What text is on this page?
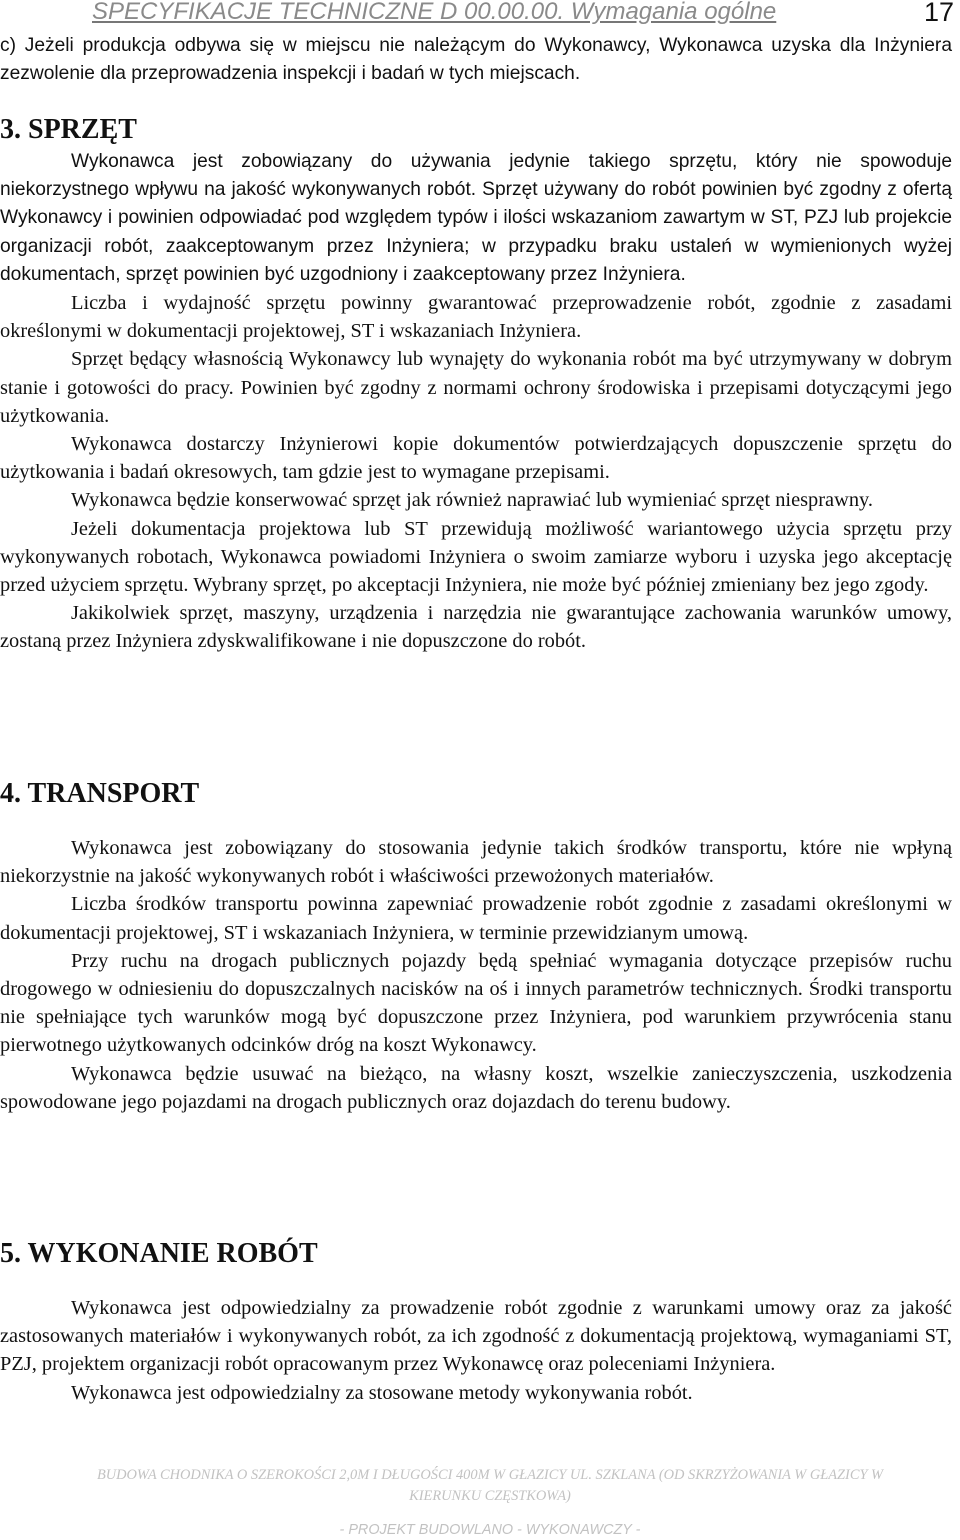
SPECYFIKACJE TECHNICZNE D 00.00.00. Wymagania ogólne	17
c) Jeżeli produkcja odbywa się w miejscu nie należącym do Wykonawcy, Wykonawca uzyska dla Inżyniera zezwolenie dla przeprowadzenia inspekcji i badań w tych miejscach.
3. SPRZĘT

Wykonawca jest zobowiązany do używania jedynie takiego sprzętu, który nie spowoduje niekorzystnego wpływu na jakość wykonywanych robót. Sprzęt używany do robót powinien być zgodny z ofertą Wykonawcy i powinien odpowiadać pod względem typów i ilości wskazaniom zawartym w ST, PZJ lub projekcie organizacji robót, zaakceptowanym przez Inżyniera; w przypadku braku ustaleń w wymienionych wyżej dokumentach, sprzęt powinien być uzgodniony i zaakceptowany przez Inżyniera.

Liczba i wydajność sprzętu powinny gwarantować przeprowadzenie robót, zgodnie z zasadami określonymi w dokumentacji projektowej, ST i wskazaniach Inżyniera.

Sprzęt będący własnością Wykonawcy lub wynajęty do wykonania robót ma być utrzymywany w dobrym stanie i gotowości do pracy. Powinien być zgodny z normami ochrony środowiska i przepisami dotyczącymi jego użytkowania.

Wykonawca dostarczy Inżynierowi kopie dokumentów potwierdzających dopuszczenie sprzętu do użytkowania i badań okresowych, tam gdzie jest to wymagane przepisami.

Wykonawca będzie konserwować sprzęt jak również naprawiać lub wymieniać sprzęt niesprawny.

Jeżeli dokumentacja projektowa lub ST przewidują możliwość wariantowego użycia sprzętu przy wykonywanych robotach, Wykonawca powiadomi Inżyniera o swoim zamiarze wyboru i uzyska jego akceptację przed użyciem sprzętu. Wybrany sprzęt, po akceptacji Inżyniera, nie może być później zmieniany bez jego zgody.

Jakikolwiek sprzęt, maszyny, urządzenia i narzędzia nie gwarantujące zachowania warunków umowy, zostaną przez Inżyniera zdyskwalifikowane i nie dopuszczone do robót.

4. TRANSPORT

Wykonawca jest zobowiązany do stosowania jedynie takich środków transportu, które nie wpłyną niekorzystnie na jakość wykonywanych robót i właściwości przewożonych materiałów.

Liczba środków transportu powinna zapewniać prowadzenie robót zgodnie z zasadami określonymi w dokumentacji projektowej, ST i wskazaniach Inżyniera, w terminie przewidzianym umową.

Przy ruchu na drogach publicznych pojazdy będą spełniać wymagania dotyczące przepisów ruchu drogowego w odniesieniu do dopuszczalnych nacisków na oś i innych parametrów technicznych. Środki transportu nie spełniające tych warunków mogą być dopuszczone przez Inżyniera, pod warunkiem przywrócenia stanu pierwotnego użytkowanych odcinków dróg na koszt Wykonawcy.

Wykonawca będzie usuwać na bieżąco, na własny koszt, wszelkie zanieczyszczenia, uszkodzenia spowodowane jego pojazdami na drogach publicznych oraz dojazdach do terenu budowy.

5. WYKONANIE ROBÓT

Wykonawca jest odpowiedzialny za prowadzenie robót zgodnie z warunkami umowy oraz za jakość zastosowanych materiałów i wykonywanych robót, za ich zgodność z dokumentacją projektową, wymaganiami ST, PZJ, projektem organizacji robót opracowanym przez Wykonawcę oraz poleceniami Inżyniera.

Wykonawca jest odpowiedzialny za stosowane metody wykonywania robót.

BUDOWA CHODNIKA O SZEROKOŚCI 2,0M I DŁUGOŚCI 400M W GŁAZICY UL. SZKLANA (OD SKRZYŻOWANIA W GŁAZICY W KIERUNKU CZĘSTKOWA)
- PROJEKT BUDOWLANO - WYKONAWCZY -
